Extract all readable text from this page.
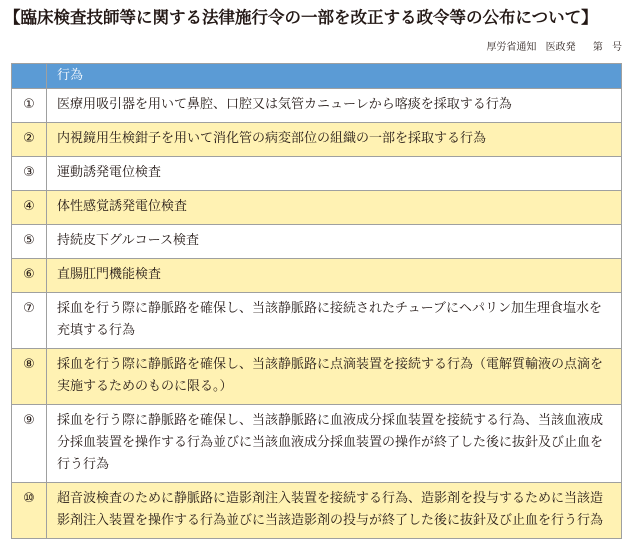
【臨床検査技師等に関する法律施行令の一部を改正する政令等の公布について】
厚労省通知 医政発 第 号
	行為
①	医療用吸引器を用いて鼻腔、口腔又は気管カニューレから喀痰を採取する行為
②	内視鏡用生検鉗子を用いて消化管の病変部位の組織の一部を採取する行為
③	運動誘発電位検査
④	体性感覚誘発電位検査
⑤	持続皮下グルコース検査
⑥	直腸肛門機能検査
⑦	採血を行う際に静脈路を確保し、当該静脈路に接続されたチューブにヘパリン加生理食塩水を充填する行為
⑧	採血を行う際に静脈路を確保し、当該静脈路に点滴装置を接続する行為（電解質輸液の点滴を実施するためのものに限る。）
⑨	採血を行う際に静脈路を確保し、当該静脈路に血液成分採血装置を接続する行為、当該血液成分採血装置を操作する行為並びに当該血液成分採血装置の操作が終了した後に抜針及び止血を行う行為
⑩	超音波検査のために静脈路に造影剤注入装置を接続する行為、造影剤を投与するために当該造影剤注入装置を操作する行為並びに当該造影剤の投与が終了した後に抜針及び止血を行う行為
